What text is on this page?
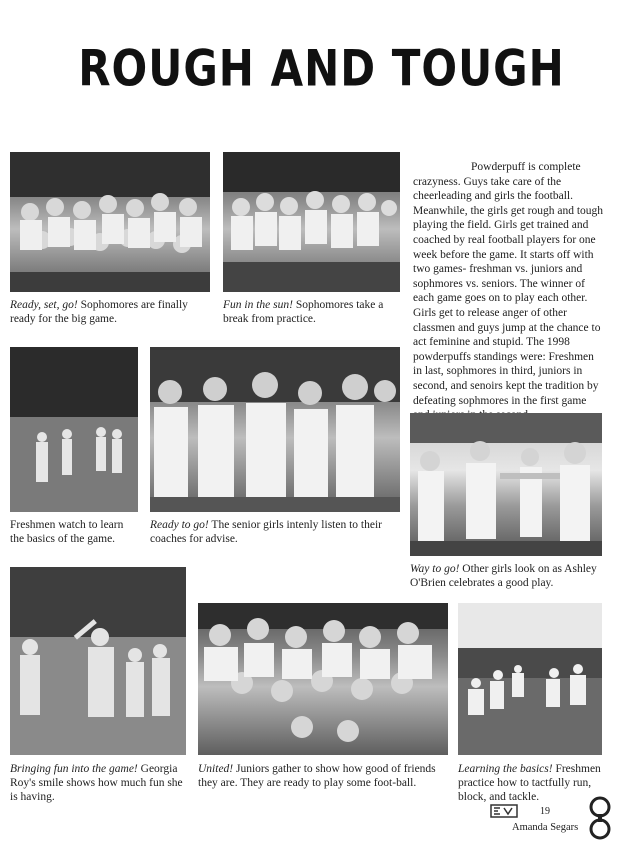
ROUGH AND TOUGH

Ready, set, go! Sophomores are finally ready for the big game.

Fun in the sun! Sophomores take a break from practice.

Powderpuff is complete crazyness. Guys take care of the cheerleading and girls the football. Meanwhile, the girls get rough and tough playing the field. Girls get trained and coached by real football players for one week before the game. It starts off with two games- freshman vs. juniors and sophmores vs. seniors. The winner of each game goes on to play each other. Girls get to release anger of other classmen and guys jump at the chance to act feminine and stupid. The 1998 powderpuffs standings were: Freshmen in last, sophmores in third, juniors in second, and senoirs kept the tradition by defeating sophmores in the first game

Freshmen watch to learn the basics of the game.

Ready to go! The senior girls intenly listen to their coaches for advise.

Way to go! Other girls look on as Ashley O'Brien celebrates a good play.

Bringing fun into the game! Georgia Roy's smile shows how much fun she is having.

United! Juniors gather to show how good of friends they are. They are ready to play some foot-ball.

Learning the basics! Freshmen practice how to tactfully run, block, and tackle.

19
Amanda Segars
